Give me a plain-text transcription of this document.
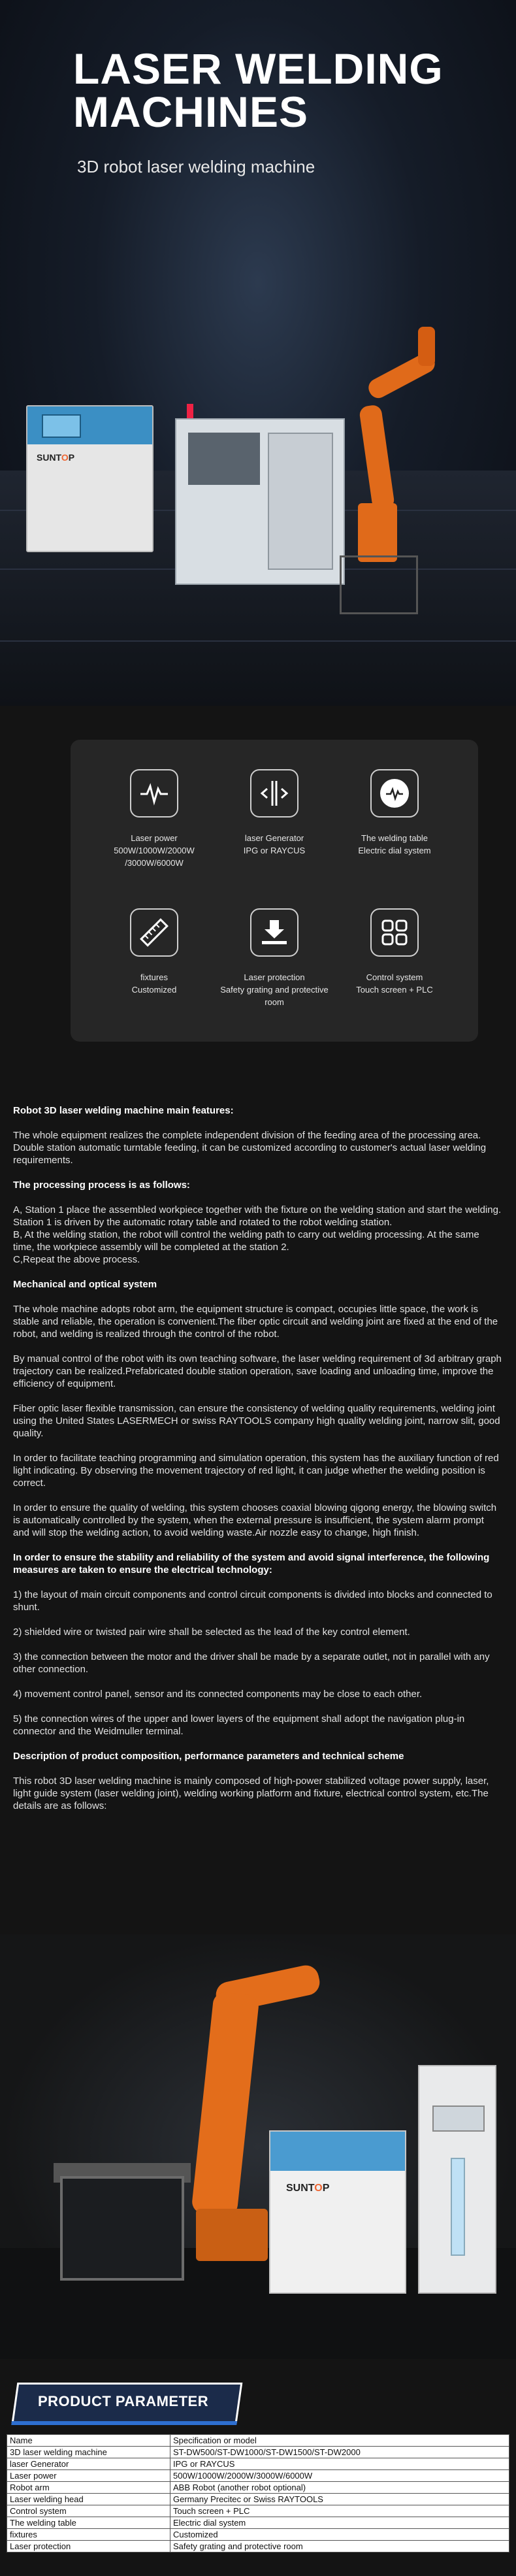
LASER WELDING
MACHINES
3D robot laser welding machine
SUNTOP
Laser power
500W/1000W/2000W /3000W/6000W
laser Generator
IPG or RAYCUS
The welding table
Electric dial system
fixtures
Customized
Laser protection
Safety grating and protective room
Control system
Touch screen + PLC
Robot 3D laser welding machine main features:

The whole equipment realizes the complete independent division of the feeding area of the processing area. Double station automatic turntable feeding, it can be customized according to customer's actual laser welding requirements.

The processing process is as follows:

A, Station 1 place the assembled workpiece together with the fixture on the welding station and start the welding. Station 1 is driven by the automatic rotary table and rotated to the robot welding station.
B, At the welding station, the robot will control the welding path to carry out welding processing. At the same time, the workpiece assembly will be completed at the station 2.
C,Repeat the above process.

Mechanical and optical system

The whole machine adopts robot arm, the equipment structure is compact, occupies little space, the work is stable and reliable, the operation is convenient.The fiber optic circuit and welding joint are fixed at the end of the robot, and welding is realized through the control of the robot.

By manual control of the robot with its own teaching software, the laser welding requirement of 3d arbitrary graph trajectory can be realized.Prefabricated double station operation, save loading and unloading time, improve the efficiency of equipment.

Fiber optic laser flexible transmission, can ensure the consistency of welding quality requirements, welding joint using the United States LASERMECH or swiss RAYTOOLS company high quality welding joint, narrow slit, good quality.

In order to facilitate teaching programming and simulation operation, this system has the auxiliary function of red light indicating. By observing the movement trajectory of red light, it can judge whether the welding position is correct.

In order to ensure the quality of welding, this system chooses coaxial blowing qigong energy, the blowing switch is automatically controlled by the system, when the external pressure is insufficient, the system alarm prompt and will stop the welding action, to avoid welding waste.Air nozzle easy to change, high finish.

In order to ensure the stability and reliability of the system and avoid signal interference, the following measures are taken to ensure the electrical technology:

1) the layout of main circuit components and control circuit components is divided into blocks and connected to shunt.

2) shielded wire or twisted pair wire shall be selected as the lead of the key control element.

3) the connection between the motor and the driver shall be made by a separate outlet, not in parallel with any other connection.

4) movement control panel, sensor and its connected components may be close to each other.

5) the connection wires of the upper and lower layers of the equipment shall adopt the navigation plug-in connector and the Weidmuller terminal.

Description of product composition, performance parameters and technical scheme

This robot 3D laser welding machine is mainly composed of high-power stabilized voltage power supply, laser, light guide system (laser welding joint), welding working platform and fixture, electrical control system, etc.The details are as follows:

SUNTOP
PRODUCT PARAMETER
Name	Specification or model
3D laser welding machine	ST-DW500/ST-DW1000/ST-DW1500/ST-DW2000
laser Generator	IPG or RAYCUS
Laser power	500W/1000W/2000W/3000W/6000W
Robot arm	ABB Robot (another robot optional)
Laser welding head	Germany Precitec or Swiss RAYTOOLS
Control system	Touch screen + PLC
The welding table	Electric dial system
fixtures	Customized
Laser protection	Safety grating and protective room
